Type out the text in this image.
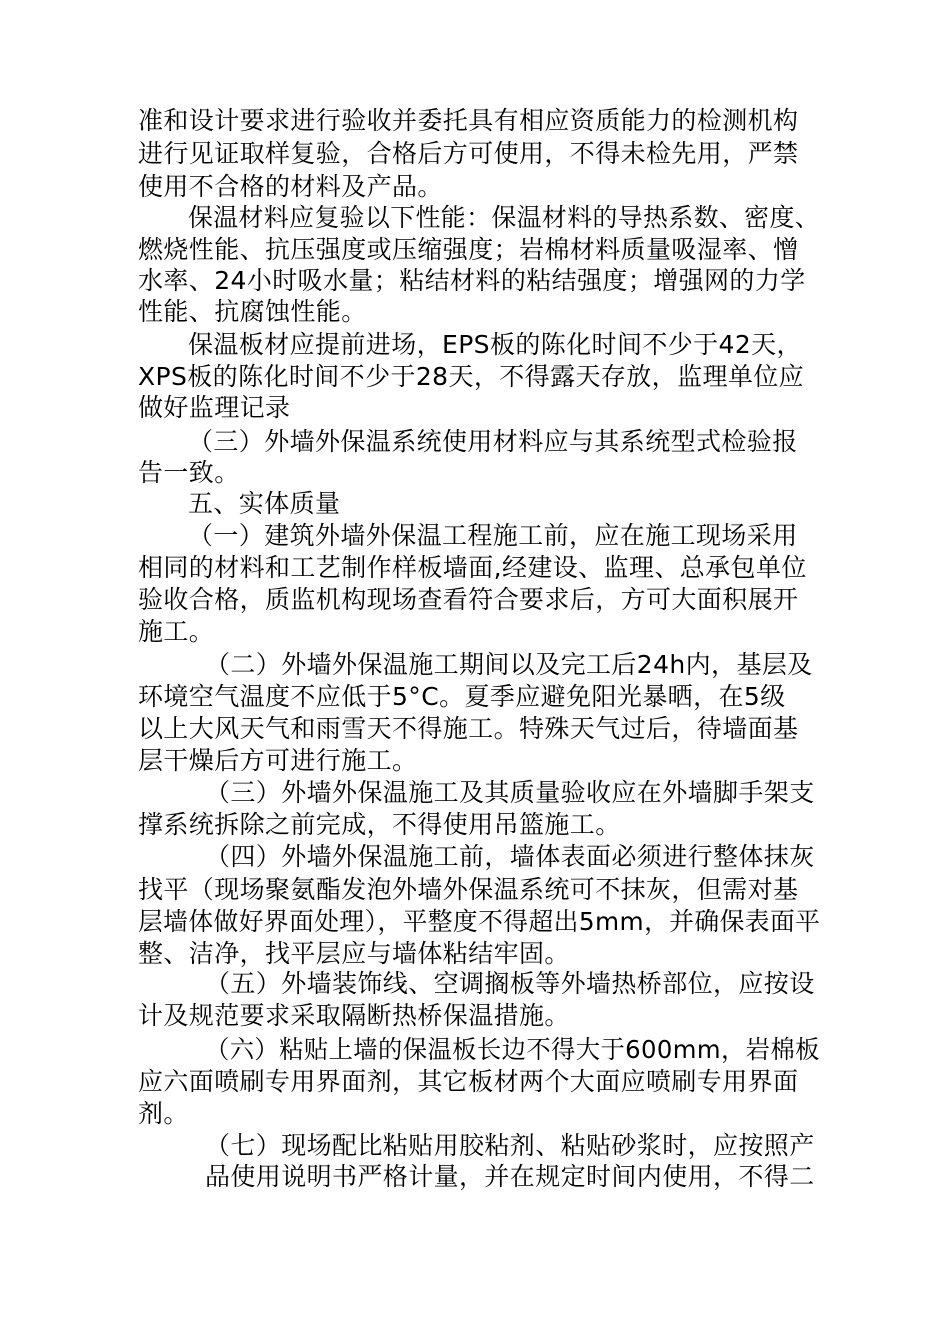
准和设计要求进行验收并委托具有相应资质能力的检测机构
进行见证取样复验，合格后方可使用，不得未检先用，严禁
使用不合格的材料及产品。
保温材料应复验以下性能：保温材料的导热系数、密度、
燃烧性能、抗压强度或压缩强度；岩棉材料质量吸湿率、憎
水率、24小时吸水量；粘结材料的粘结强度；增强网的力学
性能、抗腐蚀性能。
保温板材应提前进场，EPS板的陈化时间不少于42天，
XPS板的陈化时间不少于28天，不得露天存放，监理单位应
做好监理记录
（三）外墙外保温系统使用材料应与其系统型式检验报
告一致。
五、实体质量
（一）建筑外墙外保温工程施工前，应在施工现场采用
相同的材料和工艺制作样板墙面,经建设、监理、总承包单位
验收合格，质监机构现场查看符合要求后，方可大面积展开
施工。
（二）外墙外保温施工期间以及完工后24h内，基层及
环境空气温度不应低于5°C。夏季应避免阳光暴晒，在5级
以上大风天气和雨雪天不得施工。特殊天气过后，待墙面基
层干燥后方可进行施工。
（三）外墙外保温施工及其质量验收应在外墙脚手架支
撑系统拆除之前完成，不得使用吊篮施工。
（四）外墙外保温施工前，墙体表面必须进行整体抹灰
找平（现场聚氨酯发泡外墙外保温系统可不抹灰，但需对基
层墙体做好界面处理），平整度不得超出5mm，并确保表面平
整、洁净，找平层应与墙体粘结牢固。
（五）外墙装饰线、空调搁板等外墙热桥部位，应按设
计及规范要求采取隔断热桥保温措施。
（六）粘贴上墙的保温板长边不得大于600mm，岩棉板
应六面喷刷专用界面剂，其它板材两个大面应喷刷专用界面
剂。
（七）现场配比粘贴用胶粘剂、粘贴砂浆时，应按照产
品使用说明书严格计量，并在规定时间内使用，不得二
